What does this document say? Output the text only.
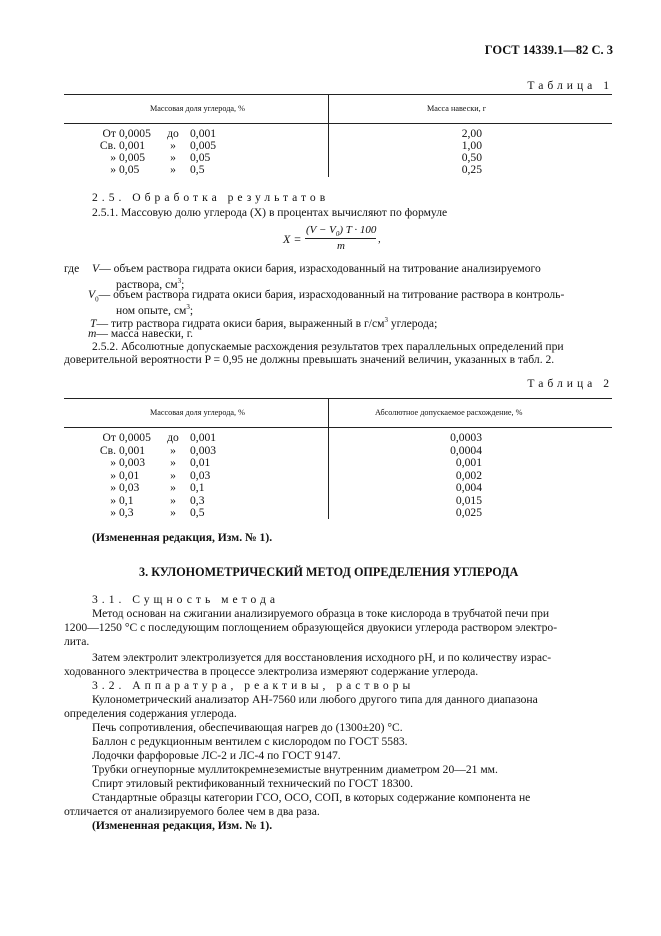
ГОСТ 14339.1—82 С. 3
Таблица 1
Массовая доля углерода, %	Масса навески, г
От 0,0005	до 0,001	2,00
Св. 0,001	»	0,005	1,00
» 0,005	»	0,05	0,50
» 0,05	»	0,5	0,25
2.5. Обработка результатов
2.5.1. Массовую долю углерода (X) в процентах вычисляют по формуле
X =
$(V - V_0)$ T · 100
m
,
где V— объем раствора гидрата окиси бария, израсходованный на титрование анализируемого
раствора, $см^3$;
$V_0—$ объем раствора гидрата окиси бария, израсходованный на титрование раствора в контроль-
ном опыте, $см^3$;
T— титр раствора гидрата окиси бария, выраженный в $г/см^3$ углерода;
m— масса навески, г.
2.5.2. Абсолютные допускаемые расхождения результатов трех параллельных определений при
доверительной вероятности P = 0,95 не должны превышать значений величин, указанных в табл. 2.
Таблица 2
Массовая доля углерода, %	Абсолютное допускаемое расхождение, %
От 0,0005	до 0,001	0,0003
Св. 0,001	»	0,003	0,0004
» 0,003	»	0,01	0,001
» 0,01	»	0,03	0,002
» 0,03	»	0,1	0,004
» 0,1	»	0,3	0,015
» 0,3	»	0,5	0,025
(Измененная редакция, Изм. № 1).
3. КУЛОНОМЕТРИЧЕСКИЙ МЕТОД ОПРЕДЕЛЕНИЯ УГЛЕРОДА
3.1. Сущность метода
Метод основан на сжигании анализируемого образца в токе кислорода в трубчатой печи при
1200—1250 °С с последующим поглощением образующейся двуокиси углерода раствором электро-
лита.
Затем электролит электролизуется для восстановления исходного pH, и по количеству израс-
ходованного электричества в процессе электролиза измеряют содержание углерода.
3.2. Аппаратура, реактивы, растворы
Кулонометрический анализатор АН-7560 или любого другого типа для данного диапазона
определения содержания углерода.
Печь сопротивления, обеспечивающая нагрев до (1300±20) °С.
Баллон с редукционным вентилем с кислородом по ГОСТ 5583.
Лодочки фарфоровые ЛС-2 и ЛС-4 по ГОСТ 9147.
Трубки огнеупорные муллитокремнеземистые внутренним диаметром 20—21 мм.
Спирт этиловый ректификованный технический по ГОСТ 18300.
Стандартные образцы категории ГСО, ОСО, СОП, в которых содержание компонента не
отличается от анализируемого более чем в два раза.
(Измененная редакция, Изм. № 1).
